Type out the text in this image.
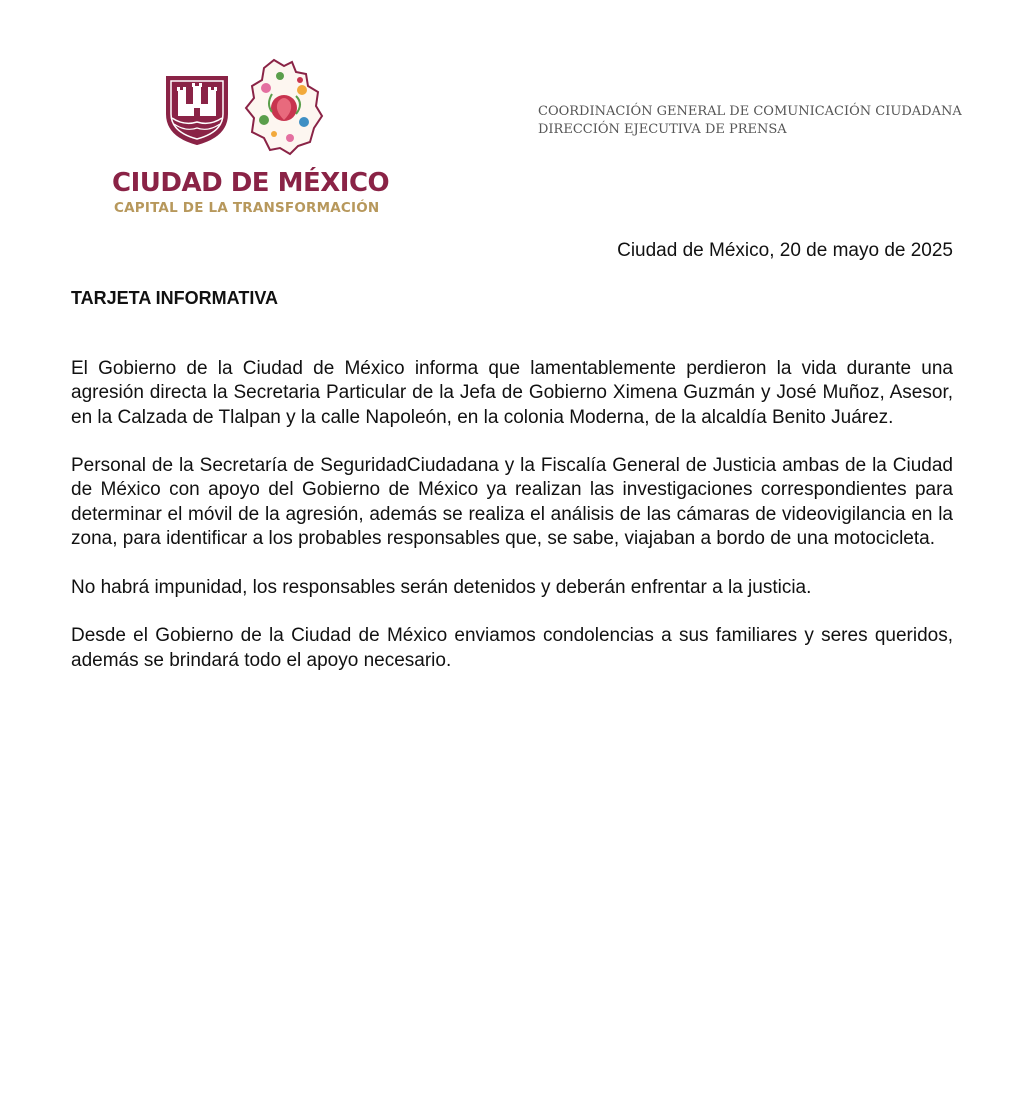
CIUDAD DE MÉXICO
CAPITAL DE LA TRANSFORMACIÓN
COORDINACIÓN GENERAL DE COMUNICACIÓN CIUDADANA
DIRECCIÓN EJECUTIVA DE PRENSA
Ciudad de México, 20 de mayo de 2025
TARJETA INFORMATIVA

El Gobierno de la Ciudad de México informa que lamentablemente perdieron la vida durante una agresión directa la Secretaria Particular de la Jefa de Gobierno Ximena Guzmán y José Muñoz, Asesor, en la Calzada de Tlalpan y la calle Napoleón, en la colonia Moderna, de la alcaldía Benito Juárez.

Personal de la Secretaría de SeguridadCiudadana y la Fiscalía General de Justicia ambas de la Ciudad de México con apoyo del Gobierno de México ya realizan las investigaciones correspondientes para determinar el móvil de la agresión, además se realiza el análisis de las cámaras de videovigilancia en la zona, para identificar a los probables responsables que, se sabe, viajaban a bordo de una motocicleta.

No habrá impunidad, los responsables serán detenidos y deberán enfrentar a la justicia.

Desde el Gobierno de la Ciudad de México enviamos condolencias a sus familiares y seres queridos, además se brindará todo el apoyo necesario.
